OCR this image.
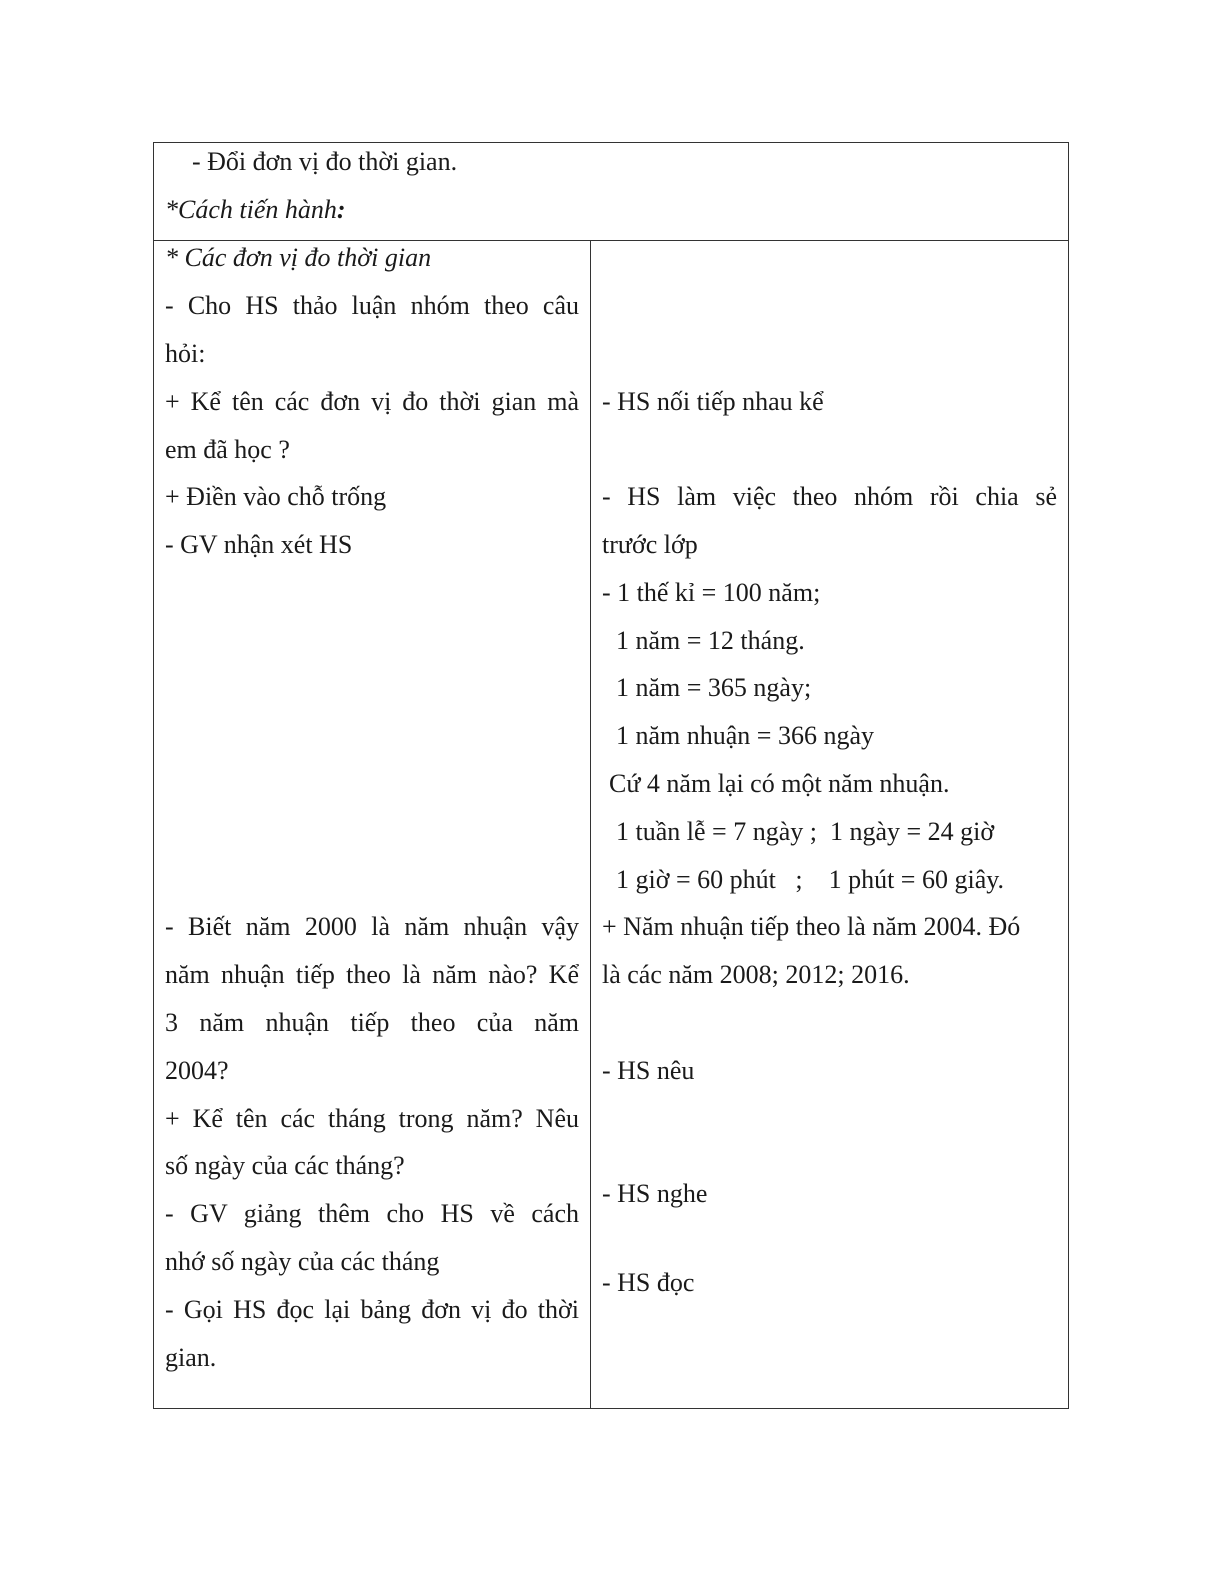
- Đổi đơn vị đo thời gian.
*Cách tiến hành:
* Các đơn vị đo thời gian
- Cho HS thảo luận nhóm theo câu
hỏi:
+ Kể tên các đơn vị đo thời gian mà
em đã học ?
+ Điền vào chỗ trống
- GV nhận xét HS
- Biết năm 2000 là năm nhuận vậy
năm nhuận tiếp theo là năm nào? Kể
3 năm nhuận tiếp theo của năm
2004?
+ Kể tên các tháng trong năm? Nêu
số ngày của các tháng?
- GV giảng thêm cho HS về cách
nhớ số ngày của các tháng
- Gọi HS đọc lại bảng đơn vị đo thời
gian.
- HS nối tiếp nhau kể
- HS làm việc theo nhóm rồi chia sẻ
trước lớp
- 1 thế kỉ = 100 năm;
1 năm = 12 tháng.
1 năm = 365 ngày;
1 năm nhuận = 366 ngày
Cứ 4 năm lại có một năm nhuận.
1 tuần lễ = 7 ngày ;  1 ngày = 24 giờ
1 giờ = 60 phút   ;    1 phút = 60 giây.
+ Năm nhuận tiếp theo là năm 2004. Đó
là các năm 2008; 2012; 2016.
- HS nêu
- HS nghe
- HS đọc
